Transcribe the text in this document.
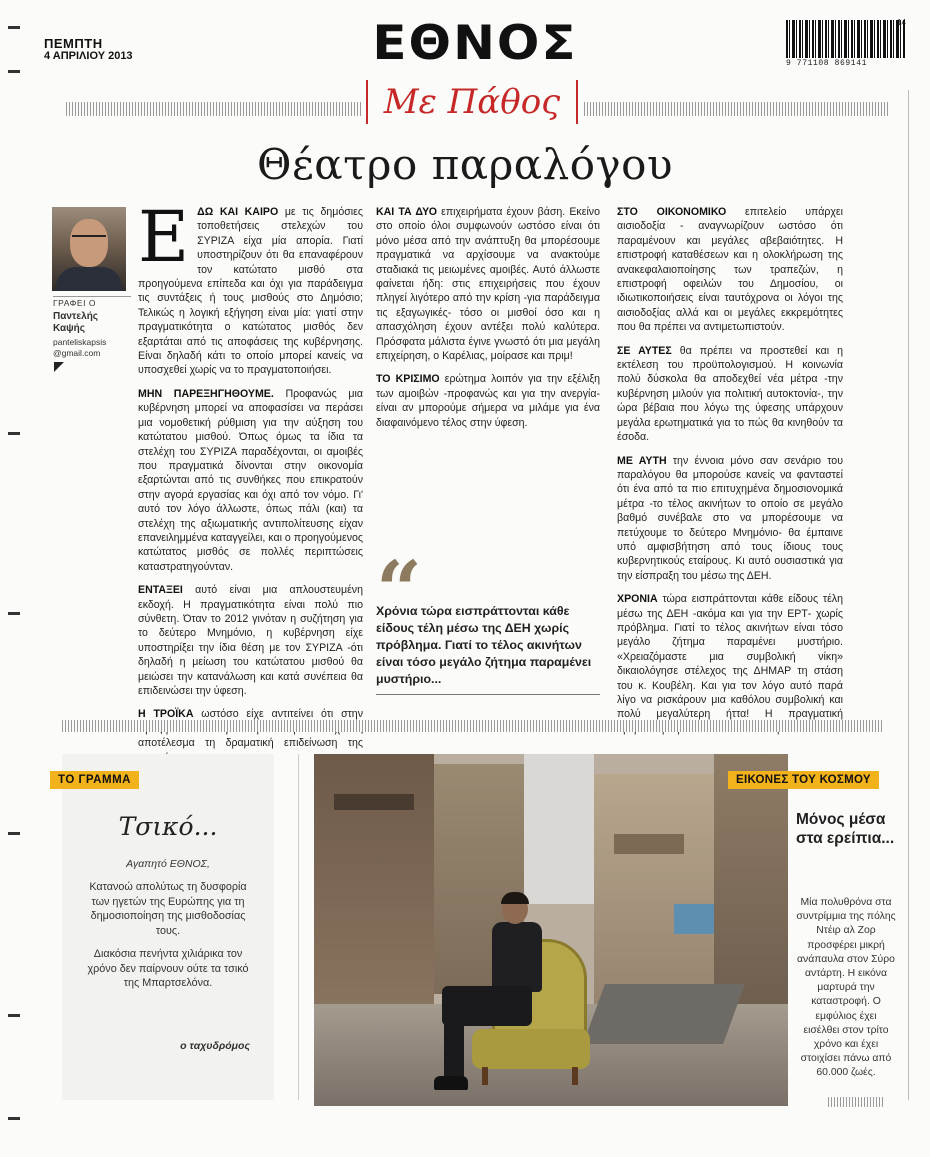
ΠΕΜΠΤΗ
4 ΑΠΡΙΛΙΟΥ 2013	ΕΘΝΟΣ	9 771108 869141
14
Με Πάθος
Θέατρο παραλόγου
ΓΡΑΦΕΙ Ο
Παντελής
Καψής
panteliskapsis
@gmail.com

ΕΔΩ ΚΑΙ ΚΑΙΡΟ με τις δημόσιες τοποθετήσεις στελεχών του ΣΥΡΙΖΑ είχα μία απορία. Γιατί υποστηρίζουν ότι θα επαναφέρουν τον κατώτατο μισθό στα προηγούμενα επίπεδα και όχι για παράδειγμα τις συντάξεις ή τους μισθούς στο Δημόσιο; Τελικώς η λογική εξήγηση είναι μία: γιατί στην πραγματικότητα ο κατώτατος μισθός δεν εξαρτάται από τις αποφάσεις της κυβέρνησης. Είναι δηλαδή κάτι το οποίο μπορεί κανείς να υποσχεθεί χωρίς να το πραγματοποιήσει.

ΜΗΝ ΠΑΡΕΞΗΓΗΘΟΥΜΕ. Προφανώς μια κυβέρνηση μπορεί να αποφασίσει να περάσει μια νομοθετική ρύθμιση για την αύξηση του κατώτατου μισθού. Όπως όμως τα ίδια τα στελέχη του ΣΥΡΙΖΑ παραδέχονται, οι αμοιβές που πραγματικά δίνονται στην οικονομία εξαρτώνται από τις συνθήκες που επικρατούν στην αγορά εργασίας και όχι από τον νόμο. Γι' αυτό τον λόγο άλλωστε, όπως πάλι (και) τα στελέχη της αξιωματικής αντιπολίτευσης είχαν επανειλημμένα καταγγείλει, και ο προηγούμενος κατώτατος μισθός σε πολλές περιπτώσεις καταστρατηγούνταν.

ΕΝΤΑΞΕΙ αυτό είναι μια απλουστευμένη εκδοχή. Η πραγματικότητα είναι πολύ πιο σύνθετη. Όταν το 2012 γινόταν η συζήτηση για το δεύτερο Μνημόνιο, η κυβέρνηση είχε υποστηρίξει την ίδια θέση με τον ΣΥΡΙΖΑ -ότι δηλαδή η μείωση του κατώτατου μισθού θα μειώσει την κατανάλωση και κατά συνέπεια θα επιδεινώσει την ύφεση.

Η ΤΡΟΪΚΑ ωστόσο είχε αντιτείνει ότι στην αποτέλεσμα τη δραματική επιδείνωση της

ΚΑΙ ΤΑ ΔΥΟ επιχειρήματα έχουν βάση. Εκείνο στο οποίο όλοι συμφωνούν ωστόσο είναι ότι μόνο μέσα από την ανάπτυξη θα μπορέσουμε πραγματικά να αρχίσουμε να ανακτούμε σταδιακά τις μειωμένες αμοιβές. Αυτό άλλωστε φαίνεται ήδη: στις επιχειρήσεις που έχουν πληγεί λιγότερο από την κρίση -για παράδειγμα τις εξαγωγικές- τόσο οι μισθοί όσο και η απασχόληση έχουν αντέξει πολύ καλύτερα. Πρόσφατα μάλιστα έγινε γνωστό ότι μια μεγάλη επιχείρηση, ο Καρέλιας, μοίρασε και πριμ!

ΤΟ ΚΡΙΣΙΜΟ ερώτημα λοιπόν για την εξέλιξη των αμοιβών -προφανώς και για την ανεργία- είναι αν μπορούμε σήμερα να μιλάμε για ένα διαφαινόμενο τέλος στην ύφεση.

ΣΤΟ ΟΙΚΟΝΟΜΙΚΟ επιτελείο υπάρχει αισιοδοξία - αναγνωρίζουν ωστόσο ότι παραμένουν και μεγάλες αβεβαιότητες. Η επιστροφή καταθέσεων και η ολοκλήρωση της ανακεφαλαιοποίησης των τραπεζών, η επιστροφή οφειλών του Δημοσίου, οι ιδιωτικοποιήσεις είναι ταυτόχρονα οι λόγοι της αισιοδοξίας αλλά και οι μεγάλες εκκρεμότητες που θα πρέπει να αντιμετωπιστούν.

ΣΕ ΑΥΤΕΣ θα πρέπει να προστεθεί και η εκτέλεση του προϋπολογισμού. Η κοινωνία πολύ δύσκολα θα αποδεχθεί νέα μέτρα -την κυβέρνηση μιλούν για πολιτική αυτοκτονία-, την ώρα βέβαια που λόγω της ύφεσης υπάρχουν μεγάλα ερωτηματικά για το πώς θα κινηθούν τα έσοδα.

ΜΕ ΑΥΤΗ την έννοια μόνο σαν σενάριο του παραλόγου θα μπορούσε κανείς να φανταστεί ότι ένα από τα πιο επιτυχημένα δημοσιονομικά μέτρα -το τέλος ακινήτων το οποίο σε μεγάλο βαθμό συνέβαλε στο να μπορέσουμε να πετύχουμε το δεύτερο Μνημόνιο- θα έμπαινε υπό αμφισβήτηση από τους ίδιους τους κυβερνητικούς εταίρους. Κι αυτό ουσιαστικά για την είσπραξη του μέσω της ΔΕΗ.

ΧΡΟΝΙΑ τώρα εισπράττονται κάθε είδους τέλη μέσω της ΔΕΗ -ακόμα και για την ΕΡΤ- χωρίς πρόβλημα. Γιατί το τέλος ακινήτων είναι τόσο μεγάλο ζήτημα παραμένει μυστήριο. «Χρειαζόμαστε μια συμβολική νίκη» δικαιολόγησε στέλεχος της ΔΗΜΑΡ τη στάση του κ. Κουβέλη. Και για τον λόγο αυτό παρά λίγο να ρισκάρουν μια καθόλου συμβολική και πολύ μεγαλύτερη ήττα! Η πραγματική

“
Χρόνια τώρα εισπράττονται κάθε είδους τέλη μέσω της ΔΕΗ χωρίς πρόβλημα. Γιατί το τέλος ακινήτων είναι τόσο μεγάλο ζήτημα παραμένει μυστήριο...
ΤΟ ΓΡΑΜΜΑ
Τσικό...
Αγαπητό ΕΘΝΟΣ,

Κατανοώ απολύτως τη δυσφορία των ηγετών της Ευρώπης για τη δημοσιοποίηση της μισθοδοσίας τους.

Διακόσια πενήντα χιλιάρικα τον χρόνο δεν παίρνουν ούτε τα τσικό της Μπαρτσελόνα.

ο ταχυδρόμος
ΕΙΚΟΝΕΣ ΤΟΥ ΚΟΣΜΟΥ
Μόνος μέσα στα ερείπια...
Μία πολυθρόνα στα συντρίμμια της πόλης Ντέιρ αλ Ζορ προσφέρει μικρή ανάπαυλα στον Σύρο αντάρτη. Η εικόνα μαρτυρά την καταστροφή. Ο εμφύλιος έχει εισέλθει στον τρίτο χρόνο και έχει στοιχίσει πάνω από 60.000 ζωές.
